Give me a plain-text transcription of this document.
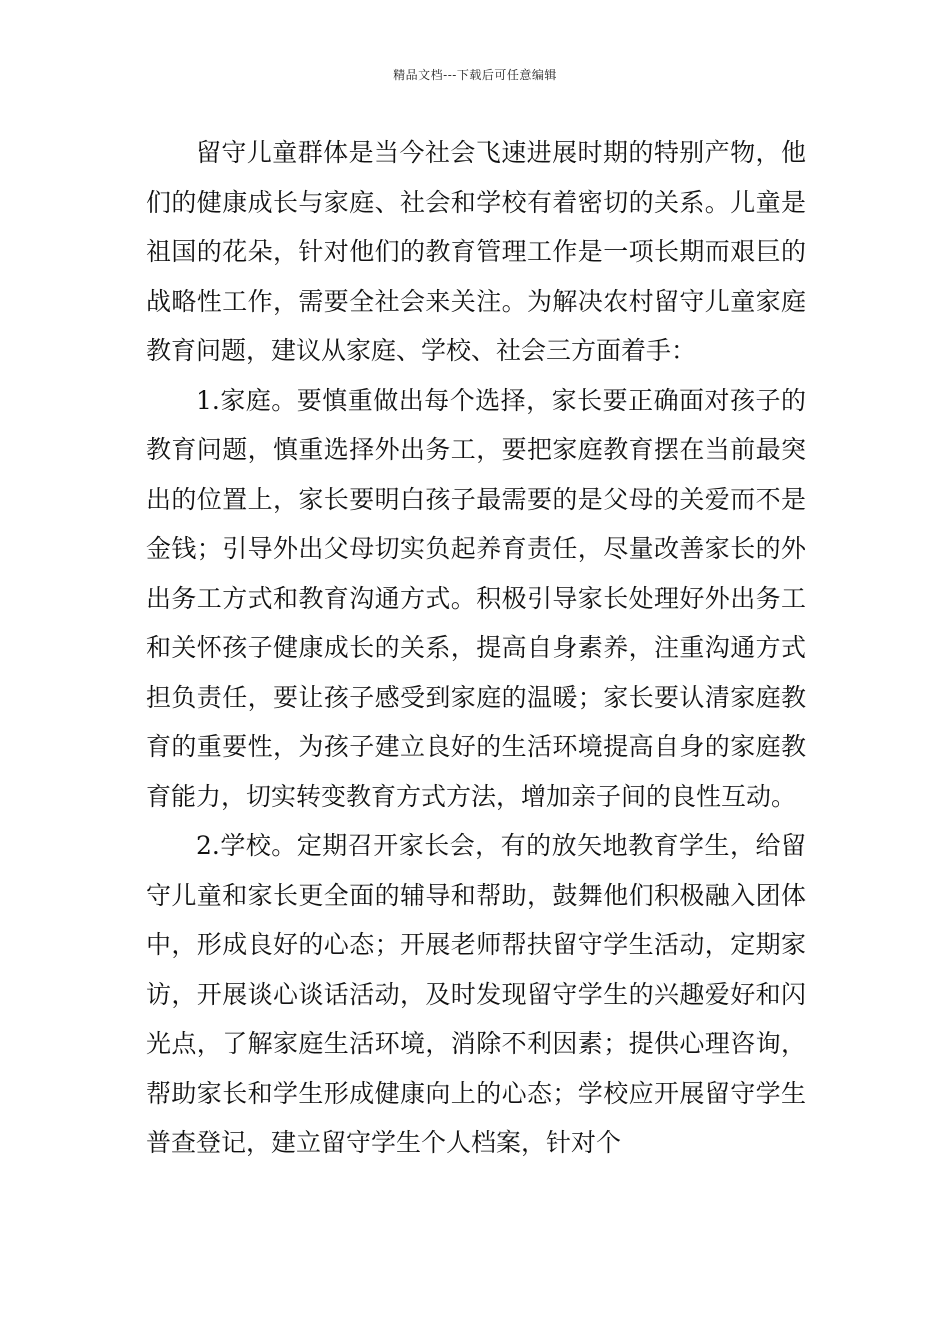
精品文档---下载后可任意编辑

留守儿童群体是当今社会飞速进展时期的特别产物，他们的健康成长与家庭、社会和学校有着密切的关系。儿童是祖国的花朵，针对他们的教育管理工作是一项长期而艰巨的战略性工作，需要全社会来关注。为解决农村留守儿童家庭教育问题，建议从家庭、学校、社会三方面着手：

1.家庭。要慎重做出每个选择，家长要正确面对孩子的教育问题，慎重选择外出务工，要把家庭教育摆在当前最突出的位置上，家长要明白孩子最需要的是父母的关爱而不是金钱；引导外出父母切实负起养育责任，尽量改善家长的外出务工方式和教育沟通方式。积极引导家长处理好外出务工和关怀孩子健康成长的关系，提高自身素养，注重沟通方式担负责任，要让孩子感受到家庭的温暖；家长要认清家庭教育的重要性，为孩子建立良好的生活环境提高自身的家庭教育能力，切实转变教育方式方法，增加亲子间的良性互动。

2.学校。定期召开家长会，有的放矢地教育学生，给留守儿童和家长更全面的辅导和帮助，鼓舞他们积极融入团体中，形成良好的心态；开展老师帮扶留守学生活动，定期家访，开展谈心谈话活动，及时发现留守学生的兴趣爱好和闪光点，了解家庭生活环境，消除不利因素；提供心理咨询，帮助家长和学生形成健康向上的心态；学校应开展留守学生普查登记，建立留守学生个人档案，针对个
